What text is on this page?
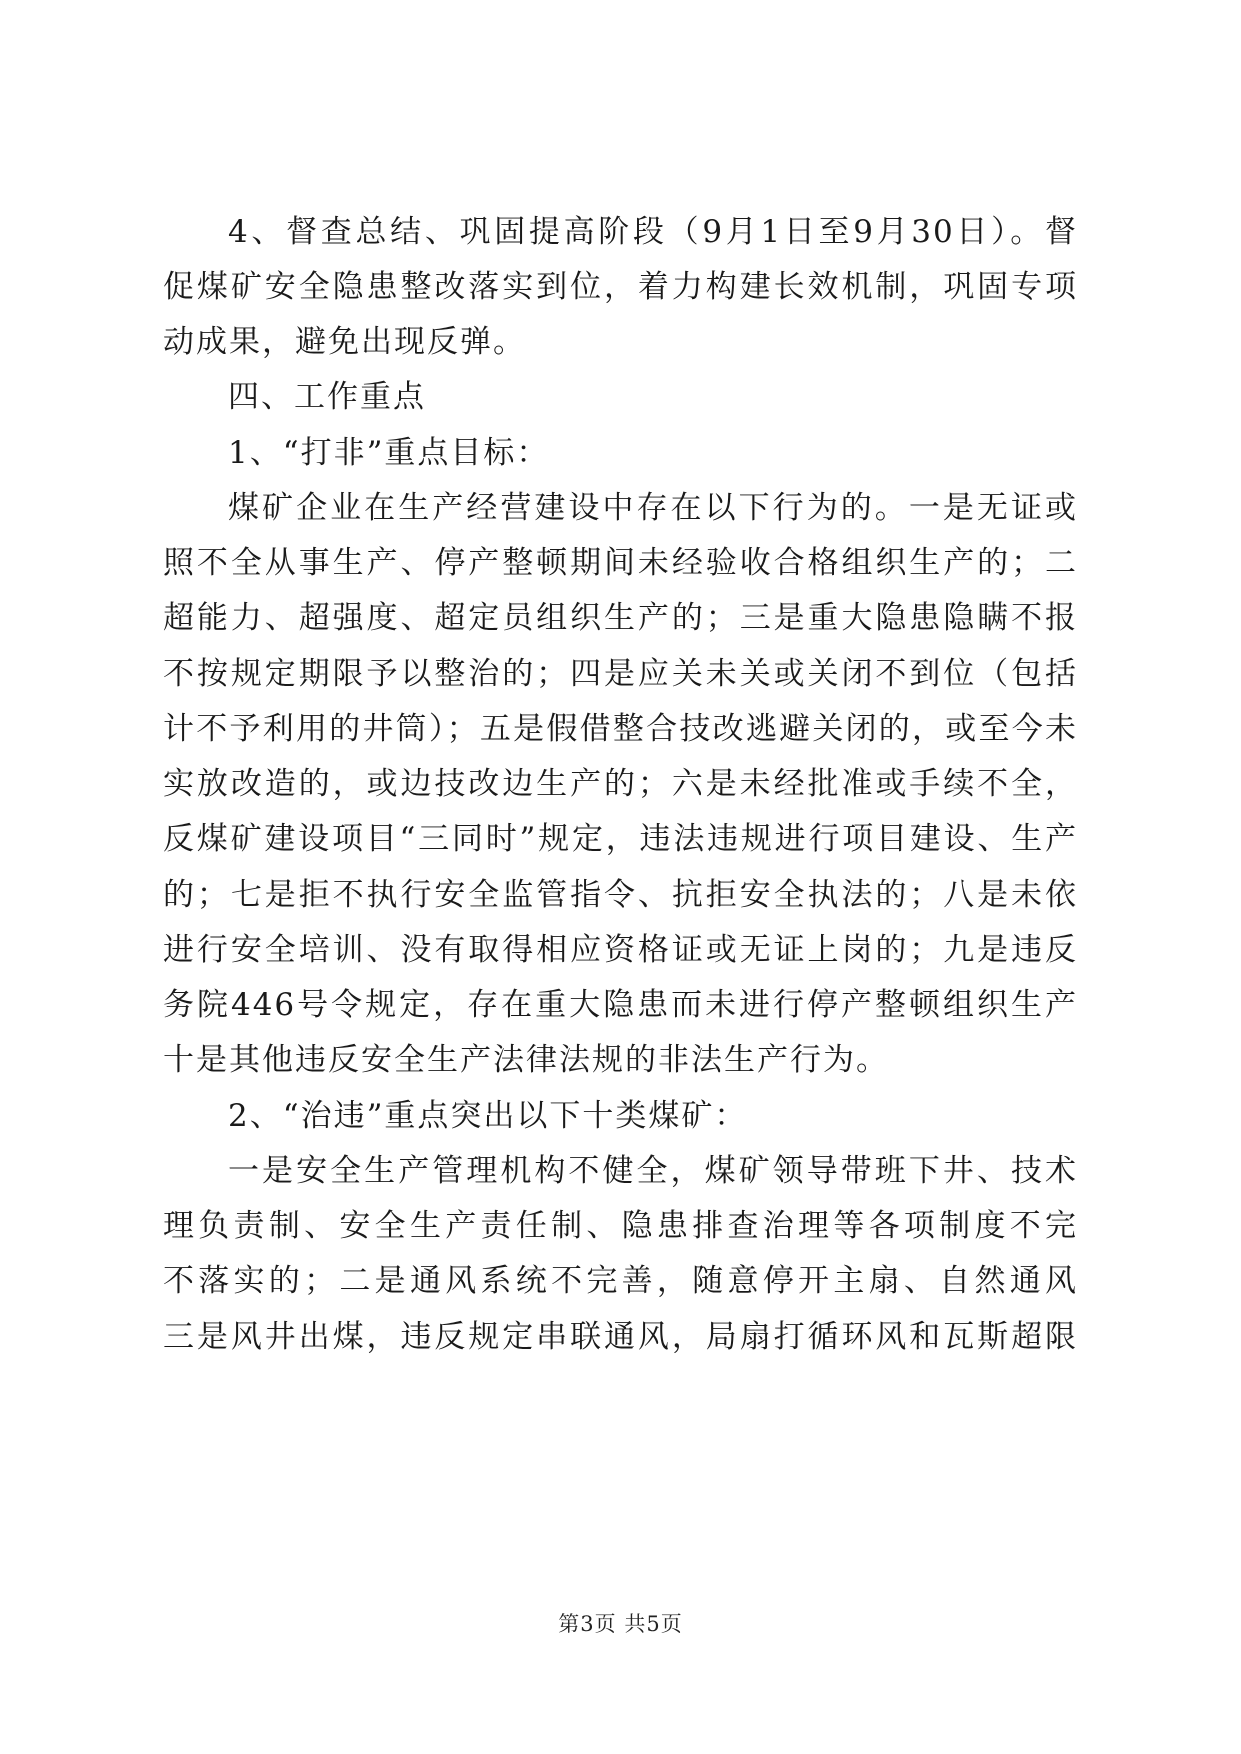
4、督查总结、巩固提高阶段（9月1日至9月30日）。督
促煤矿安全隐患整改落实到位，着力构建长效机制，巩固专项
动成果，避免出现反弹。
四、工作重点
1、“打非”重点目标：
煤矿企业在生产经营建设中存在以下行为的。一是无证或
照不全从事生产、停产整顿期间未经验收合格组织生产的；二
超能力、超强度、超定员组织生产的；三是重大隐患隐瞒不报
不按规定期限予以整治的；四是应关未关或关闭不到位（包括
计不予利用的井筒）；五是假借整合技改逃避关闭的，或至今未
实放改造的，或边技改边生产的；六是未经批准或手续不全，
反煤矿建设项目“三同时”规定，违法违规进行项目建设、生产
的；七是拒不执行安全监管指令、抗拒安全执法的；八是未依
进行安全培训、没有取得相应资格证或无证上岗的；九是违反
务院446号令规定，存在重大隐患而未进行停产整顿组织生产
十是其他违反安全生产法律法规的非法生产行为。
2、“治违”重点突出以下十类煤矿：
一是安全生产管理机构不健全，煤矿领导带班下井、技术
理负责制、安全生产责任制、隐患排查治理等各项制度不完
不落实的；二是通风系统不完善，随意停开主扇、自然通风
三是风井出煤，违反规定串联通风，局扇打循环风和瓦斯超限
第3页 共5页
